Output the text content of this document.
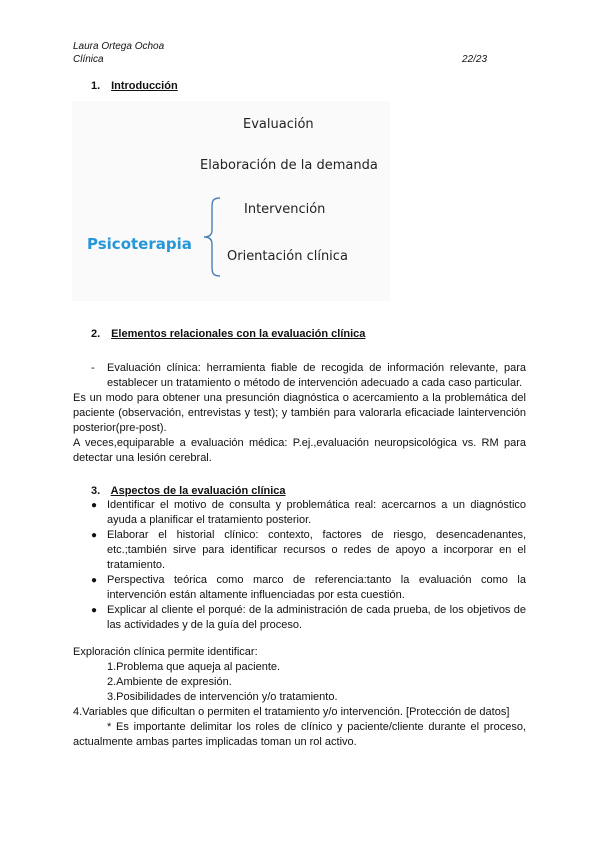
Laura Ortega Ochoa
Clínica	22/23
1. Introducción
Evaluación
Elaboración de la demanda
Intervención
Orientación clínica
Psicoterapia
2. Elementos relacionales con la evaluación clínica
- Evaluación clínica: herramienta fiable de recogida de información relevante, para establecer un tratamiento o método de intervención adecuado a cada caso particular.
Es un modo para obtener una presunción diagnóstica o acercamiento a la problemática del paciente (observación, entrevistas y test); y también para valorarla eficaciade laintervención posterior(pre-post).
A veces,equiparable a evaluación médica: P.ej.,evaluación neuropsicológica vs. RM para detectar una lesión cerebral.
3. Aspectos de la evaluación clínica
● Identificar el motivo de consulta y problemática real: acercarnos a un diagnóstico ayuda a planificar el tratamiento posterior.
● Elaborar el historial clínico: contexto, factores de riesgo, desencadenantes, etc.;también sirve para identificar recursos o redes de apoyo a incorporar en el tratamiento.
● Perspectiva teórica como marco de referencia:tanto la evaluación como la intervención están altamente influenciadas por esta cuestión.
● Explicar al cliente el porqué: de la administración de cada prueba, de los objetivos de las actividades y de la guía del proceso.
Exploración clínica permite identificar:
1.Problema que aqueja al paciente.
2.Ambiente de expresión.
3.Posibilidades de intervención y/o tratamiento.
4.Variables que dificultan o permiten el tratamiento y/o intervención. [Protección de datos]
* Es importante delimitar los roles de clínico y paciente/cliente durante el proceso, actualmente ambas partes implicadas toman un rol activo.
